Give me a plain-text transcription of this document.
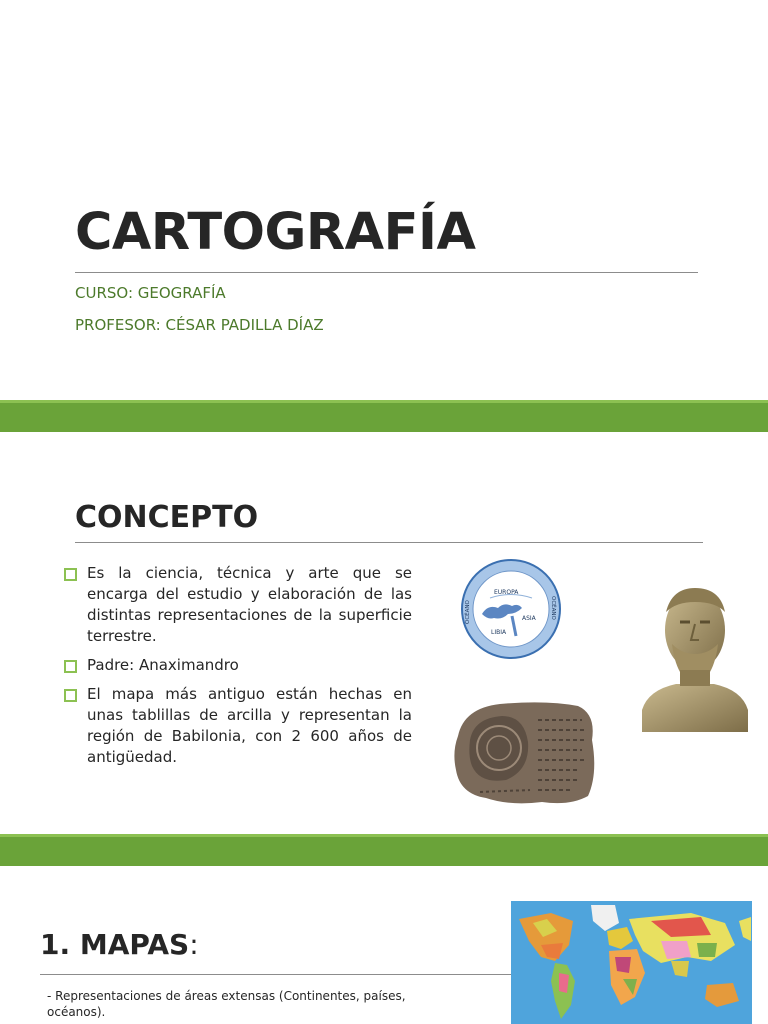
CARTOGRAFÍA
CURSO: GEOGRAFÍA
PROFESOR: CÉSAR PADILLA DÍAZ
CONCEPTO
Es la ciencia, técnica y arte que se encarga del estudio y elaboración de las distintas representaciones de la superficie terrestre.
Padre: Anaximandro
El mapa más antiguo están hechas en unas tablillas de arcilla y representan la región de Babilonia, con 2 600 años de antigüedad.
EUROPA
ASIA
LIBIA
OCÉANO	OCÉANO
1. MAPAS:
- Representaciones de áreas extensas (Continentes, países, océanos).
